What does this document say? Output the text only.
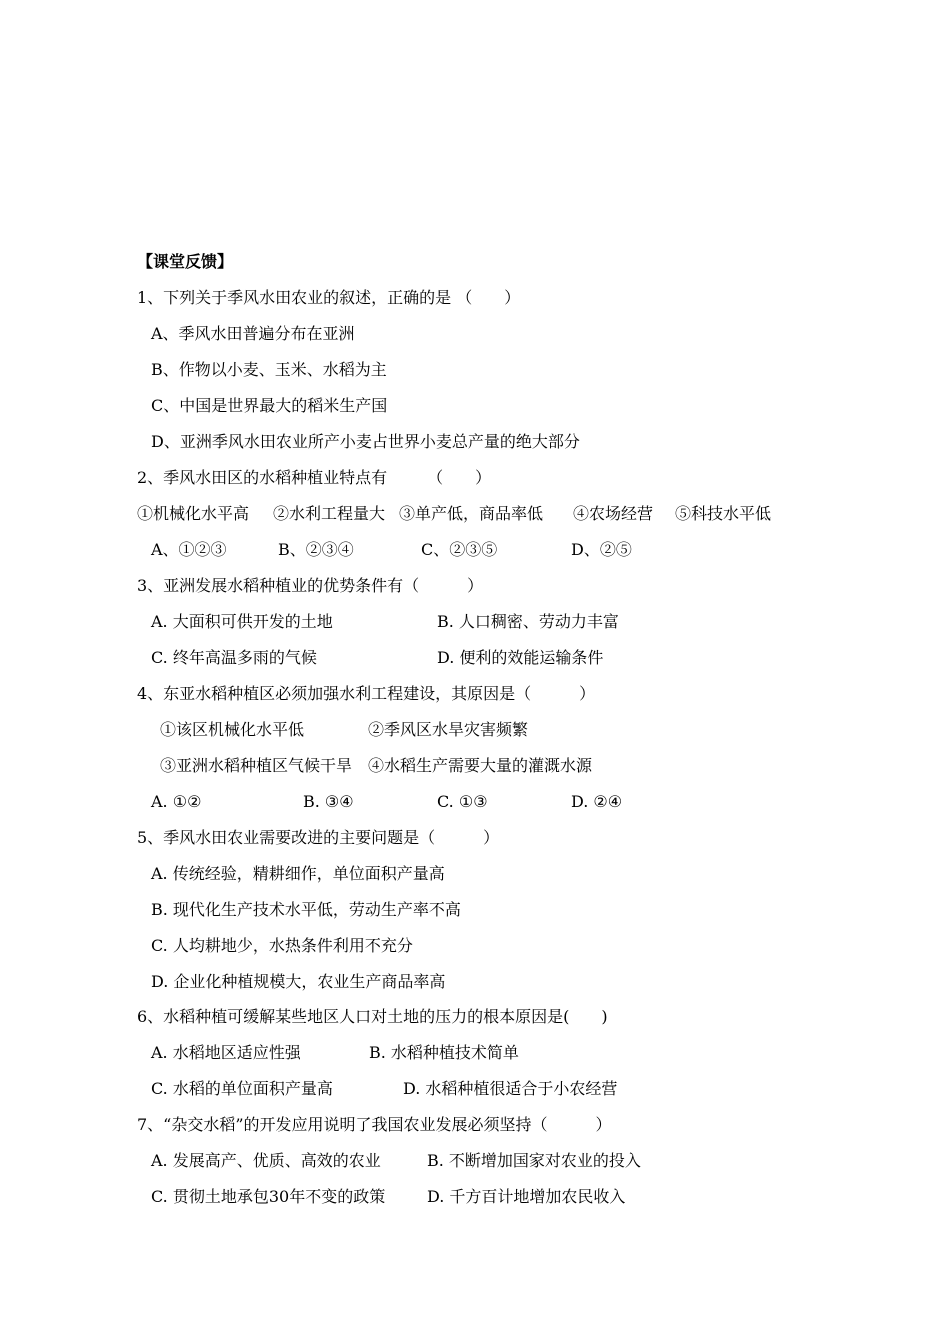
【课堂反馈】
1、下列关于季风水田农业的叙述，正确的是 （　　）
A、季风水田普遍分布在亚洲
B、作物以小麦、玉米、水稻为主
C、中国是世界最大的稻米生产国
D、亚洲季风水田农业所产小麦占世界小麦总产量的绝大部分
2、季风水田区的水稻种植业特点有　　　（　　）
①机械化水平高 ②水利工程量大 ③单产低，商品率低 ④农场经营 ⑤科技水平低
A、①②③	B、②③④	C、②③⑤	D、②⑤
3、亚洲发展水稻种植业的优势条件有（　　　）
A. 大面积可供开发的土地	B. 人口稠密、劳动力丰富
C. 终年高温多雨的气候	D. 便利的效能运输条件
4、东亚水稻种植区必须加强水利工程建设，其原因是（　　　）
①该区机械化水平低	②季风区水旱灾害频繁
③亚洲水稻种植区气候干旱 ④水稻生产需要大量的灌溉水源
A. ①②	B. ③④	C. ①③	D. ②④
5、季风水田农业需要改进的主要问题是（　　　）
A. 传统经验，精耕细作，单位面积产量高
B. 现代化生产技术水平低，劳动生产率不高
C. 人均耕地少，水热条件利用不充分
D. 企业化种植规模大，农业生产商品率高
6、水稻种植可缓解某些地区人口对土地的压力的根本原因是(　　)
A. 水稻地区适应性强	B. 水稻种植技术简单
C. 水稻的单位面积产量高	D. 水稻种植很适合于小农经营
7、“杂交水稻”的开发应用说明了我国农业发展必须坚持（　　　）
A. 发展高产、优质、高效的农业	B. 不断增加国家对农业的投入
C. 贯彻土地承包30年不变的政策	D. 千方百计地增加农民收入
